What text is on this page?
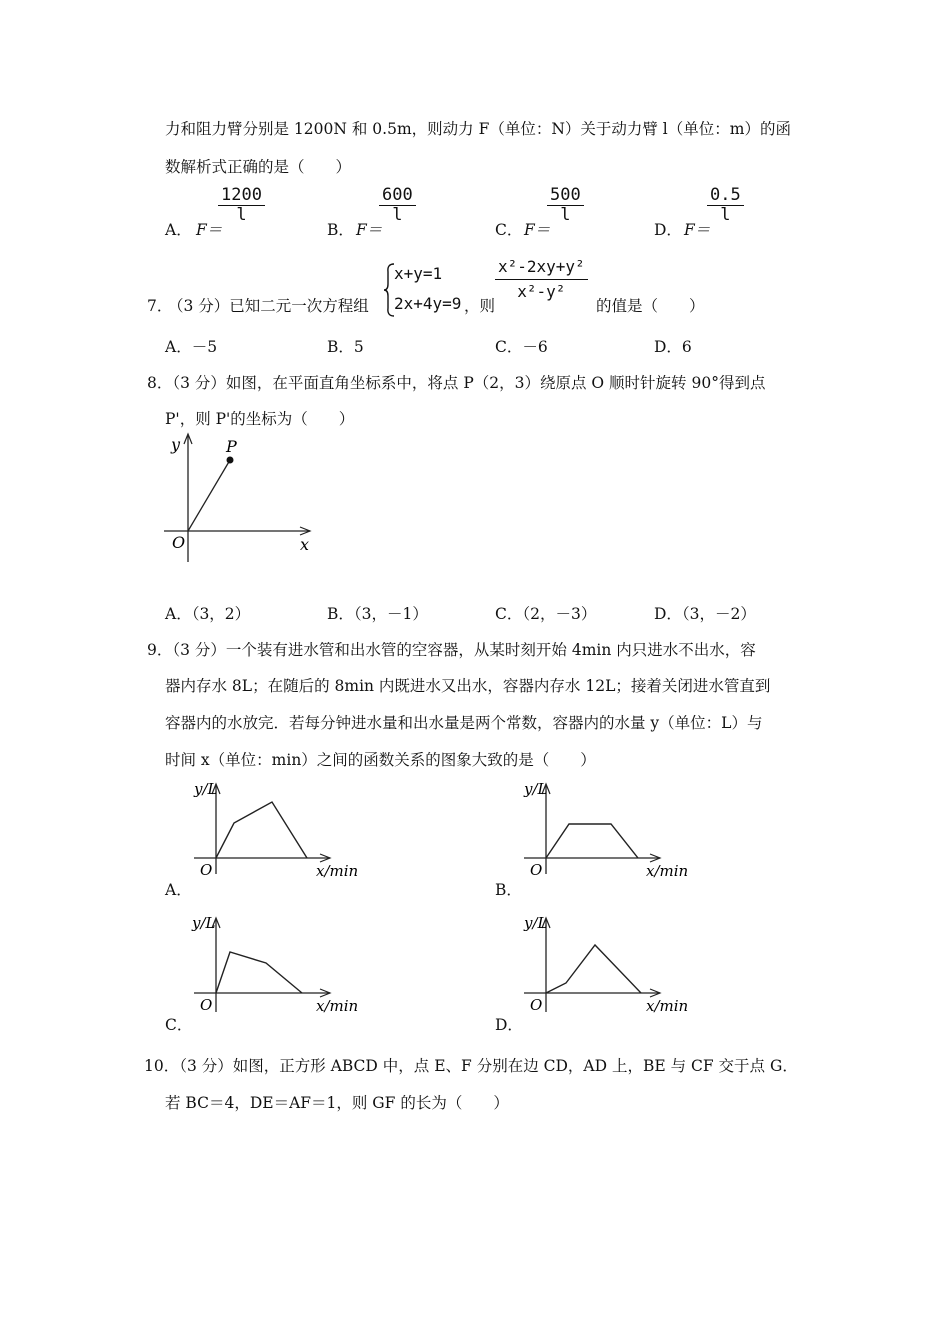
力和阻力臂分别是 1200N 和 0.5m，则动力 F（单位：N）关于动力臂 l（单位：m）的函
数解析式正确的是（　　）
A． F＝
$\frac{1200}{l}$
B． F＝
$\frac{600}{l}$
C． F＝
$\frac{500}{l}$
D． F＝
$\frac{0.5}{l}$
7．
（3 分）已知二元一次方程组
x+y=1
2x+4y=9 ，则
$\frac{\text{x²-2xy+y²}}{\text{x²-y²}}$
的值是（　　）
A．－5	B．5	C．－6	D．6
8．（3 分）如图，在平面直角坐标系中，将点 P（2，3）绕原点 O 顺时针旋转 90°得到点
P'，则 P'的坐标为（　　）
y	P
O	x
A．（3，2）	B．（3，－1）	C．（2，－3）	D．（3，－2）
9．（3 分）一个装有进水管和出水管的空容器，从某时刻开始 4min 内只进水不出水，容
器内存水 8L；在随后的 8min 内既进水又出水，容器内存水 12L；接着关闭进水管直到
容器内的水放完．若每分钟进水量和出水量是两个常数，容器内的水量 y（单位：L）与
时间 x（单位：min）之间的函数关系的图象大致的是（　　）
y/L
O	x/min
A．
y/L
O	x/min
B．
y/L
O	x/min
C．
y/L
O	x/min
D．
10．（3 分）如图，正方形 ABCD 中，点 E、F 分别在边 CD，AD 上，BE 与 CF 交于点 G．
若 BC＝4，DE＝AF＝1，则 GF 的长为（　　）
